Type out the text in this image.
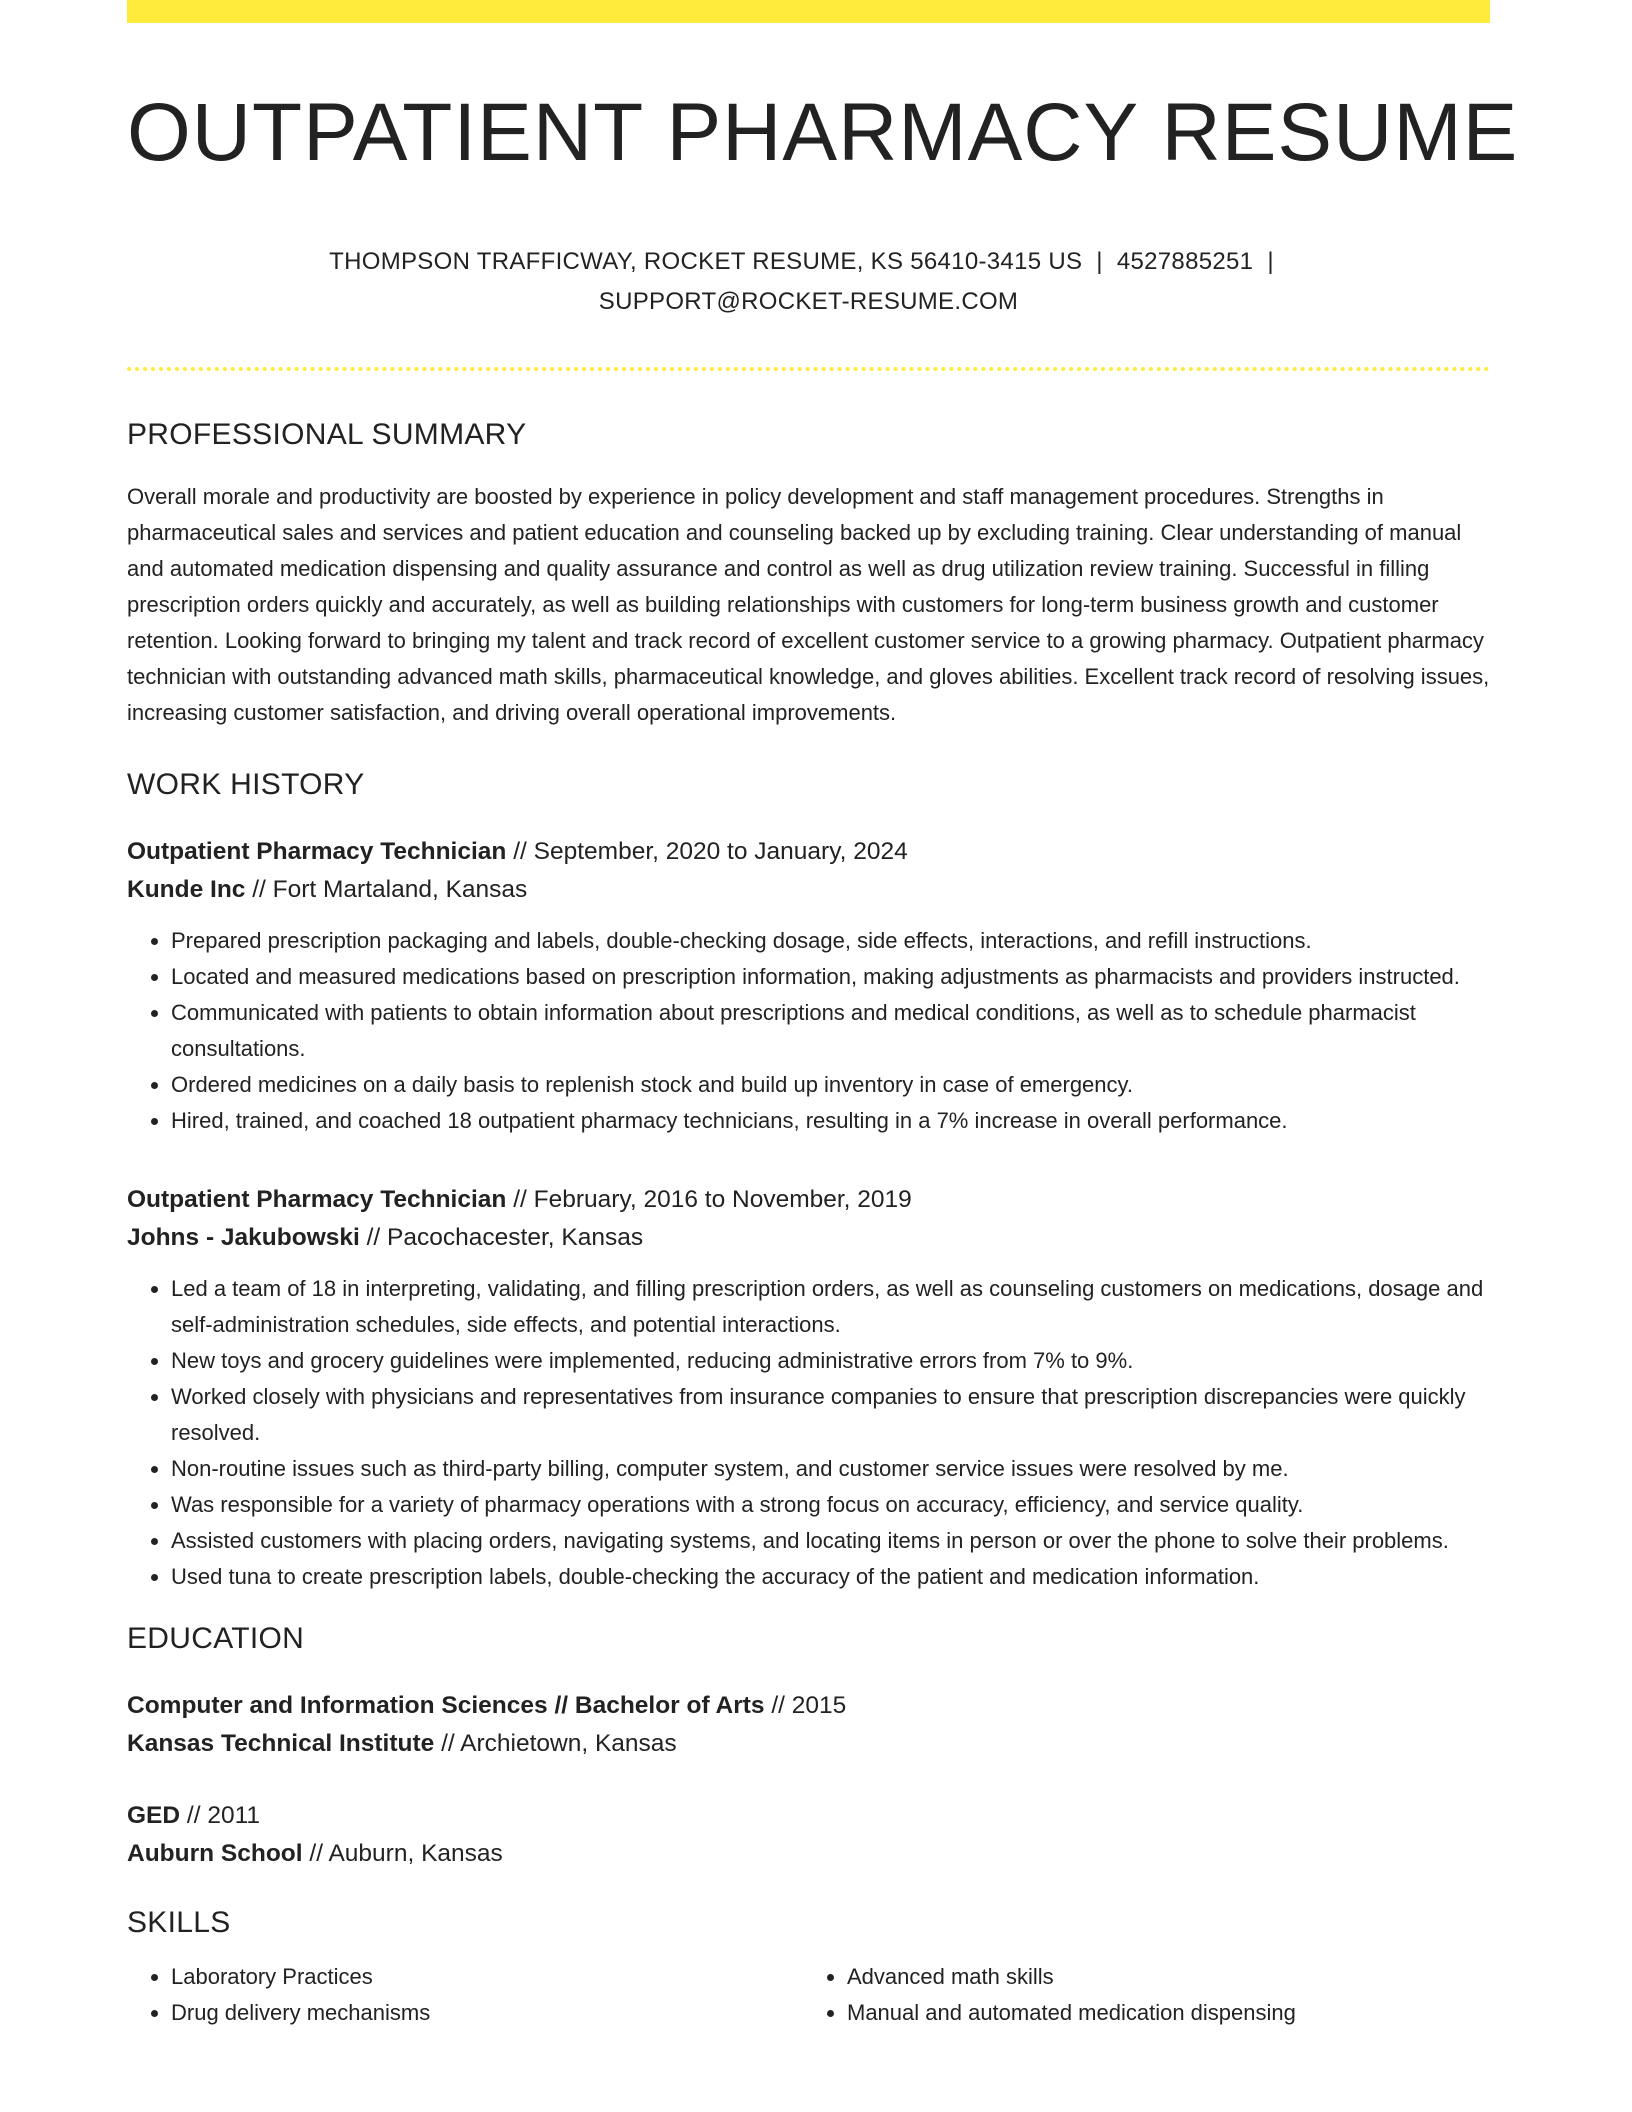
OUTPATIENT PHARMACY RESUME
THOMPSON TRAFFICWAY, ROCKET RESUME, KS 56410-3415 US | 4527885251 |
SUPPORT@ROCKET-RESUME.COM
PROFESSIONAL SUMMARY

Overall morale and productivity are boosted by experience in policy development and staff management procedures. Strengths in pharmaceutical sales and services and patient education and counseling backed up by excluding training. Clear understanding of manual and automated medication dispensing and quality assurance and control as well as drug utilization review training. Successful in filling prescription orders quickly and accurately, as well as building relationships with customers for long-term business growth and customer retention. Looking forward to bringing my talent and track record of excellent customer service to a growing pharmacy. Outpatient pharmacy technician with outstanding advanced math skills, pharmaceutical knowledge, and gloves abilities. Excellent track record of resolving issues, increasing customer satisfaction, and driving overall operational improvements.

WORK HISTORY
Outpatient Pharmacy Technician // September, 2020 to January, 2024
Kunde Inc // Fort Martaland, Kansas
• Prepared prescription packaging and labels, double-checking dosage, side effects, interactions, and refill instructions.
• Located and measured medications based on prescription information, making adjustments as pharmacists and providers instructed.
• Communicated with patients to obtain information about prescriptions and medical conditions, as well as to schedule pharmacist consultations.
• Ordered medicines on a daily basis to replenish stock and build up inventory in case of emergency.
• Hired, trained, and coached 18 outpatient pharmacy technicians, resulting in a 7% increase in overall performance.
Outpatient Pharmacy Technician // February, 2016 to November, 2019
Johns - Jakubowski // Pacochacester, Kansas
• Led a team of 18 in interpreting, validating, and filling prescription orders, as well as counseling customers on medications, dosage and self-administration schedules, side effects, and potential interactions.
• New toys and grocery guidelines were implemented, reducing administrative errors from 7% to 9%.
• Worked closely with physicians and representatives from insurance companies to ensure that prescription discrepancies were quickly resolved.
• Non-routine issues such as third-party billing, computer system, and customer service issues were resolved by me.
• Was responsible for a variety of pharmacy operations with a strong focus on accuracy, efficiency, and service quality.
• Assisted customers with placing orders, navigating systems, and locating items in person or over the phone to solve their problems.
• Used tuna to create prescription labels, double-checking the accuracy of the patient and medication information.
EDUCATION
Computer and Information Sciences // Bachelor of Arts // 2015
Kansas Technical Institute // Archietown, Kansas
GED // 2011
Auburn School // Auburn, Kansas
SKILLS
• Laboratory Practices
• Drug delivery mechanisms
• Advanced math skills
• Manual and automated medication dispensing
